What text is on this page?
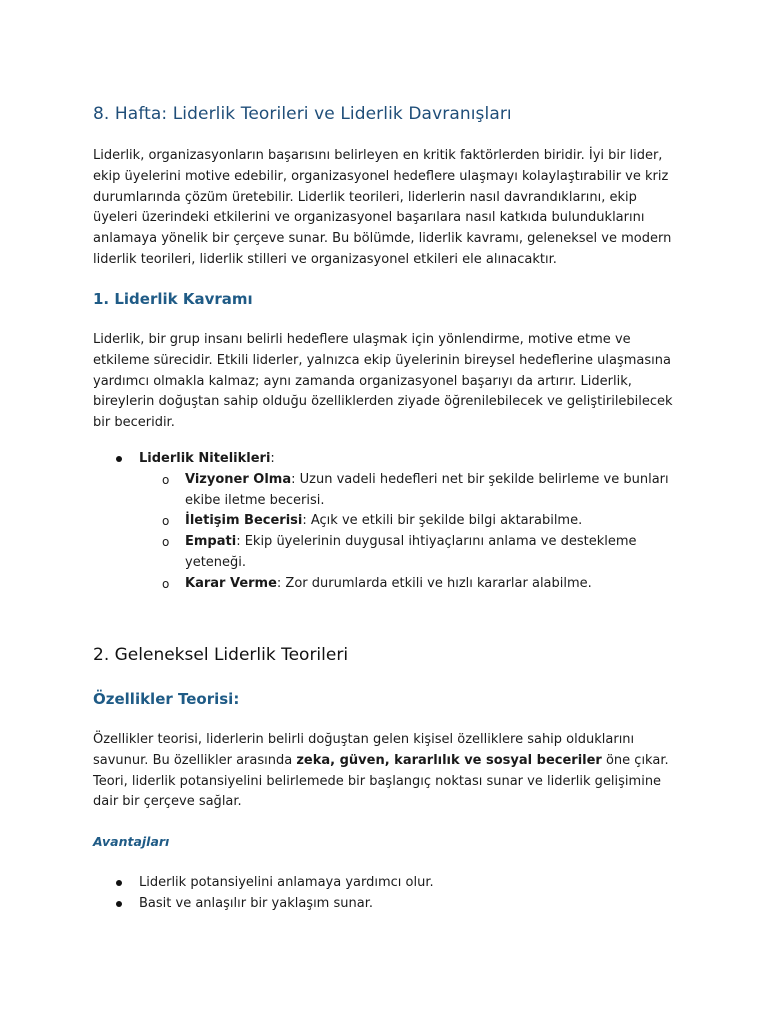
8. Hafta: Liderlik Teorileri ve Liderlik Davranışları

Liderlik, organizasyonların başarısını belirleyen en kritik faktörlerden biridir. İyi bir lider, ekip üyelerini motive edebilir, organizasyonel hedeflere ulaşmayı kolaylaştırabilir ve kriz durumlarında çözüm üretebilir. Liderlik teorileri, liderlerin nasıl davrandıklarını, ekip üyeleri üzerindeki etkilerini ve organizasyonel başarılara nasıl katkıda bulunduklarını anlamaya yönelik bir çerçeve sunar. Bu bölümde, liderlik kavramı, geleneksel ve modern liderlik teorileri, liderlik stilleri ve organizasyonel etkileri ele alınacaktır.

1. Liderlik Kavramı

Liderlik, bir grup insanı belirli hedeflere ulaşmak için yönlendirme, motive etme ve etkileme sürecidir. Etkili liderler, yalnızca ekip üyelerinin bireysel hedeflerine ulaşmasına yardımcı olmakla kalmaz; aynı zamanda organizasyonel başarıyı da artırır. Liderlik, bireylerin doğuştan sahip olduğu özelliklerden ziyade öğrenilebilecek ve geliştirilebilecek bir beceridir.

Liderlik Nitelikleri:
o Vizyoner Olma: Uzun vadeli hedefleri net bir şekilde belirleme ve bunları ekibe iletme becerisi.
o İletişim Becerisi: Açık ve etkili bir şekilde bilgi aktarabilme.
o Empati: Ekip üyelerinin duygusal ihtiyaçlarını anlama ve destekleme yeteneği.
o Karar Verme: Zor durumlarda etkili ve hızlı kararlar alabilme.
2. Geleneksel Liderlik Teorileri
Özellikler Teorisi:

Özellikler teorisi, liderlerin belirli doğuştan gelen kişisel özelliklere sahip olduklarını savunur. Bu özellikler arasında zeka, güven, kararlılık ve sosyal beceriler öne çıkar. Teori, liderlik potansiyelini belirlemede bir başlangıç noktası sunar ve liderlik gelişimine dair bir çerçeve sağlar.

Avantajları
Liderlik potansiyelini anlamaya yardımcı olur.
Basit ve anlaşılır bir yaklaşım sunar.
